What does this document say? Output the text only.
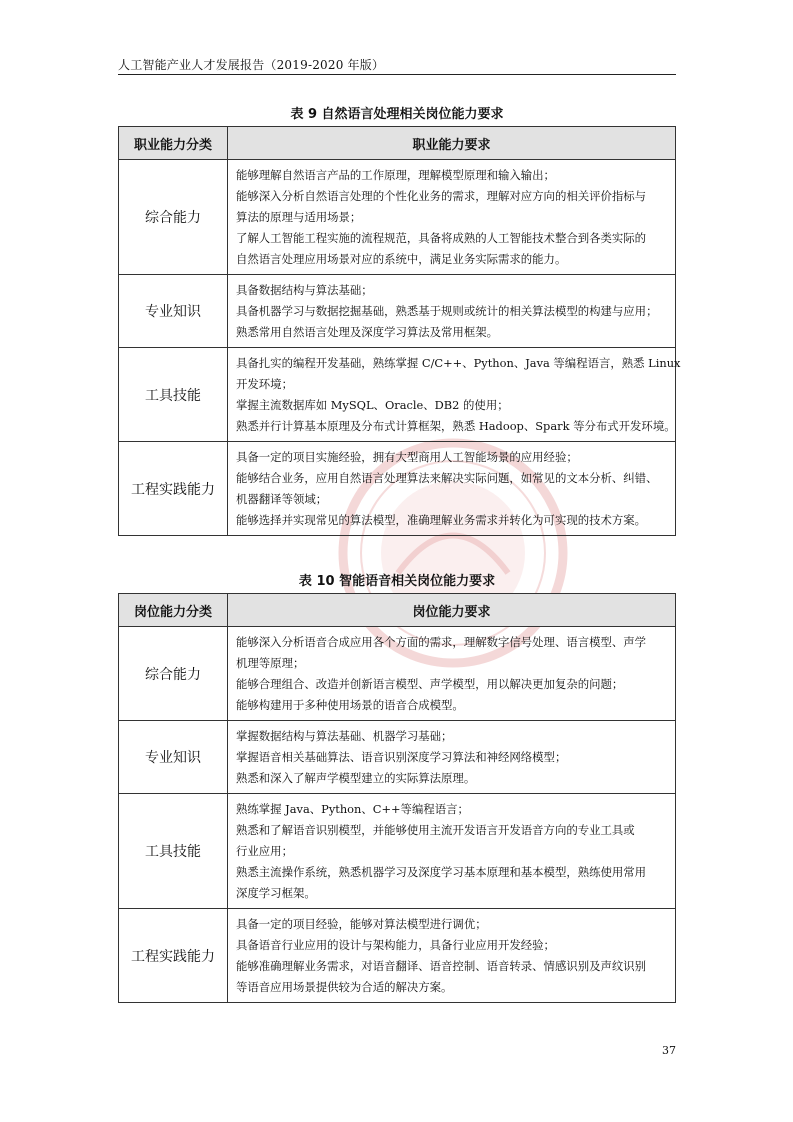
人工智能产业人才发展报告（2019-2020 年版）
表 9 自然语言处理相关岗位能力要求
职业能力分类	职业能力要求
综合能力	能够理解自然语言产品的工作原理，理解模型原理和输入输出；
能够深入分析自然语言处理的个性化业务的需求，理解对应方向的相关评价指标与
算法的原理与适用场景；
了解人工智能工程实施的流程规范，具备将成熟的人工智能技术整合到各类实际的
自然语言处理应用场景对应的系统中，满足业务实际需求的能力。

专业知识	具备数据结构与算法基础；
具备机器学习与数据挖掘基础，熟悉基于规则或统计的相关算法模型的构建与应用；
熟悉常用自然语言处理及深度学习算法及常用框架。

工具技能	具备扎实的编程开发基础，熟练掌握 C/C++、Python、Java 等编程语言，熟悉 Linux
开发环境；
掌握主流数据库如 MySQL、Oracle、DB2 的使用；
熟悉并行计算基本原理及分布式计算框架，熟悉 Hadoop、Spark 等分布式开发环境。

工程实践能力	具备一定的项目实施经验，拥有大型商用人工智能场景的应用经验；
能够结合业务，应用自然语言处理算法来解决实际问题，如常见的文本分析、纠错、
机器翻译等领域；
能够选择并实现常见的算法模型，准确理解业务需求并转化为可实现的技术方案。
表 10 智能语音相关岗位能力要求
岗位能力分类	岗位能力要求
综合能力	能够深入分析语音合成应用各个方面的需求，理解数字信号处理、语言模型、声学
机理等原理；
能够合理组合、改造并创新语言模型、声学模型，用以解决更加复杂的问题；
能够构建用于多种使用场景的语音合成模型。

专业知识	掌握数据结构与算法基础、机器学习基础；
掌握语音相关基础算法、语音识别深度学习算法和神经网络模型；
熟悉和深入了解声学模型建立的实际算法原理。

工具技能	熟练掌握 Java、Python、C++等编程语言；
熟悉和了解语音识别模型，并能够使用主流开发语言开发语音方向的专业工具或
行业应用；
熟悉主流操作系统，熟悉机器学习及深度学习基本原理和基本模型，熟练使用常用
深度学习框架。

工程实践能力	具备一定的项目经验，能够对算法模型进行调优；
具备语音行业应用的设计与架构能力，具备行业应用开发经验；
能够准确理解业务需求，对语音翻译、语音控制、语音转录、情感识别及声纹识别
等语音应用场景提供较为合适的解决方案。
37
